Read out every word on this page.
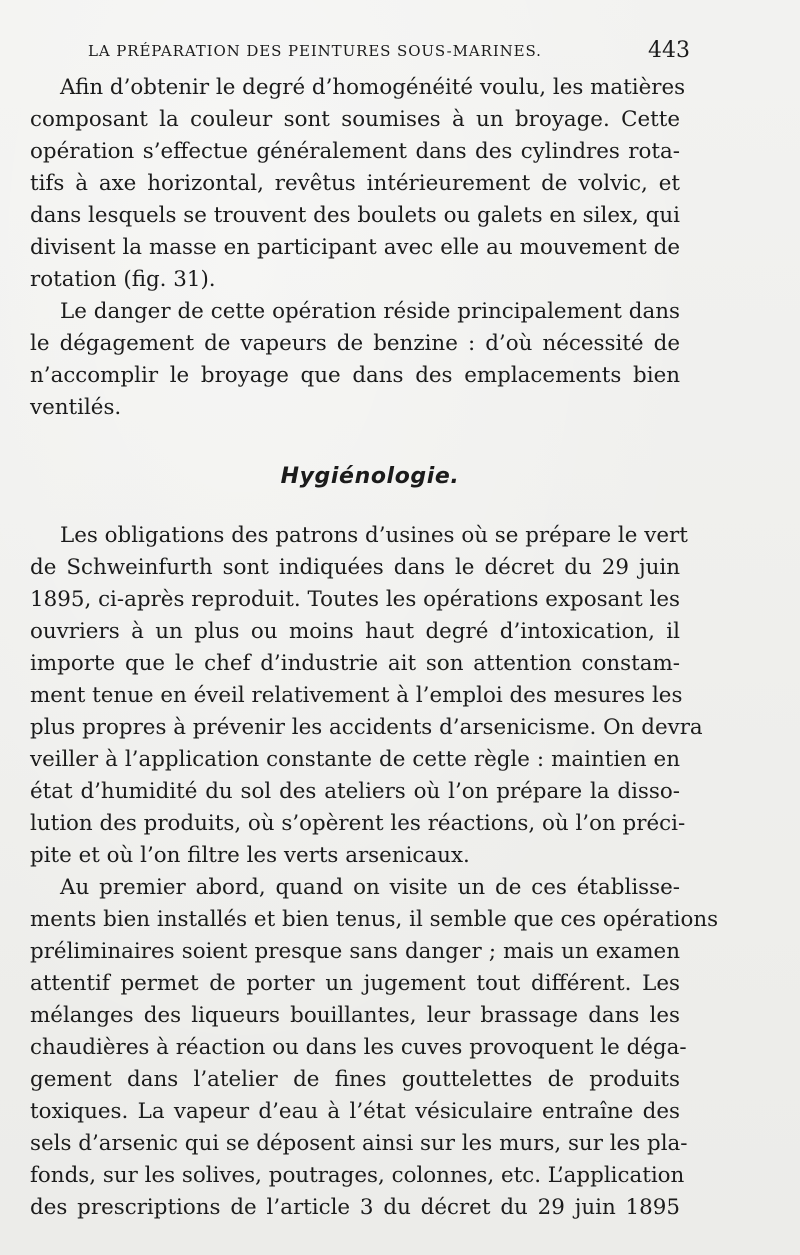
LA PRÉPARATION DES PEINTURES SOUS-MARINES.	443
Afin d’obtenir le degré d’homogénéité voulu, les matières
composant la couleur sont soumises à un broyage. Cette
opération s’effectue généralement dans des cylindres rota-
tifs à axe horizontal, revêtus intérieurement de volvic, et
dans lesquels se trouvent des boulets ou galets en silex, qui
divisent la masse en participant avec elle au mouvement de
rotation (fig. 31).
Le danger de cette opération réside principalement dans
le dégagement de vapeurs de benzine : d’où nécessité de
n’accomplir le broyage que dans des emplacements bien
ventilés.
Hygiénologie.
Les obligations des patrons d’usines où se prépare le vert
de Schweinfurth sont indiquées dans le décret du 29 juin
1895, ci-après reproduit. Toutes les opérations exposant les
ouvriers à un plus ou moins haut degré d’intoxication, il
importe que le chef d’industrie ait son attention constam-
ment tenue en éveil relativement à l’emploi des mesures les
plus propres à prévenir les accidents d’arsenicisme. On devra
veiller à l’application constante de cette règle : maintien en
état d’humidité du sol des ateliers où l’on prépare la disso-
lution des produits, où s’opèrent les réactions, où l’on préci-
pite et où l’on filtre les verts arsenicaux.
Au premier abord, quand on visite un de ces établisse-
ments bien installés et bien tenus, il semble que ces opérations
préliminaires soient presque sans danger ; mais un examen
attentif permet de porter un jugement tout différent. Les
mélanges des liqueurs bouillantes, leur brassage dans les
chaudières à réaction ou dans les cuves provoquent le déga-
gement dans l’atelier de fines gouttelettes de produits
toxiques. La vapeur d’eau à l’état vésiculaire entraîne des
sels d’arsenic qui se déposent ainsi sur les murs, sur les pla-
fonds, sur les solives, poutrages, colonnes, etc. L’application
des prescriptions de l’article 3 du décret du 29 juin 1895
